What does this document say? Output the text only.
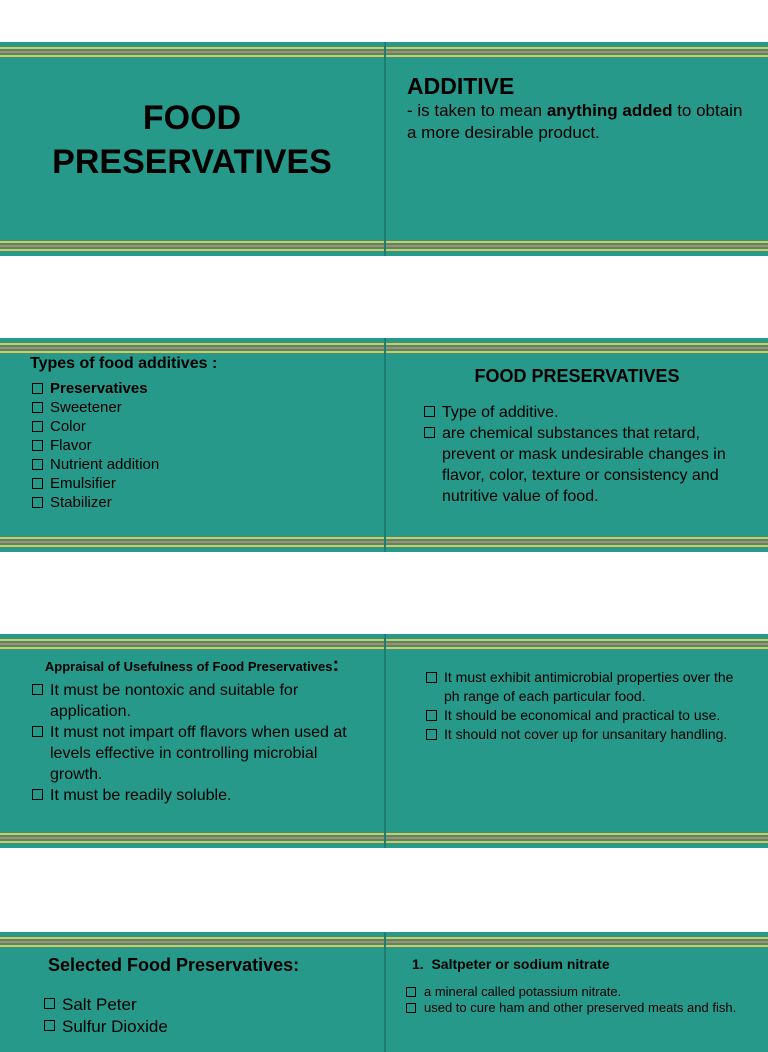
FOOD
PRESERVATIVES
ADDITIVE
- is taken to mean anything added to obtain a more desirable product.
Types of food additives :
Preservatives
Sweetener
Color
Flavor
Nutrient addition
Emulsifier
Stabilizer
FOOD PRESERVATIVES
Type of additive.
are chemical substances that retard, prevent or mask undesirable changes in flavor, color, texture or consistency and nutritive value of food.
Appraisal of Usefulness of Food Preservatives:
It must be nontoxic and suitable for application.
It must not impart off flavors when used at levels effective in controlling microbial growth.
It must be readily soluble.
It must exhibit antimicrobial properties over the ph range of each particular food.
It should be economical and practical to use.
It should not cover up for unsanitary handling.
Selected Food Preservatives:
Salt Peter
Sulfur Dioxide
1.  Saltpeter or sodium nitrate
a mineral called potassium nitrate.
used to cure ham and other preserved meats and fish.
